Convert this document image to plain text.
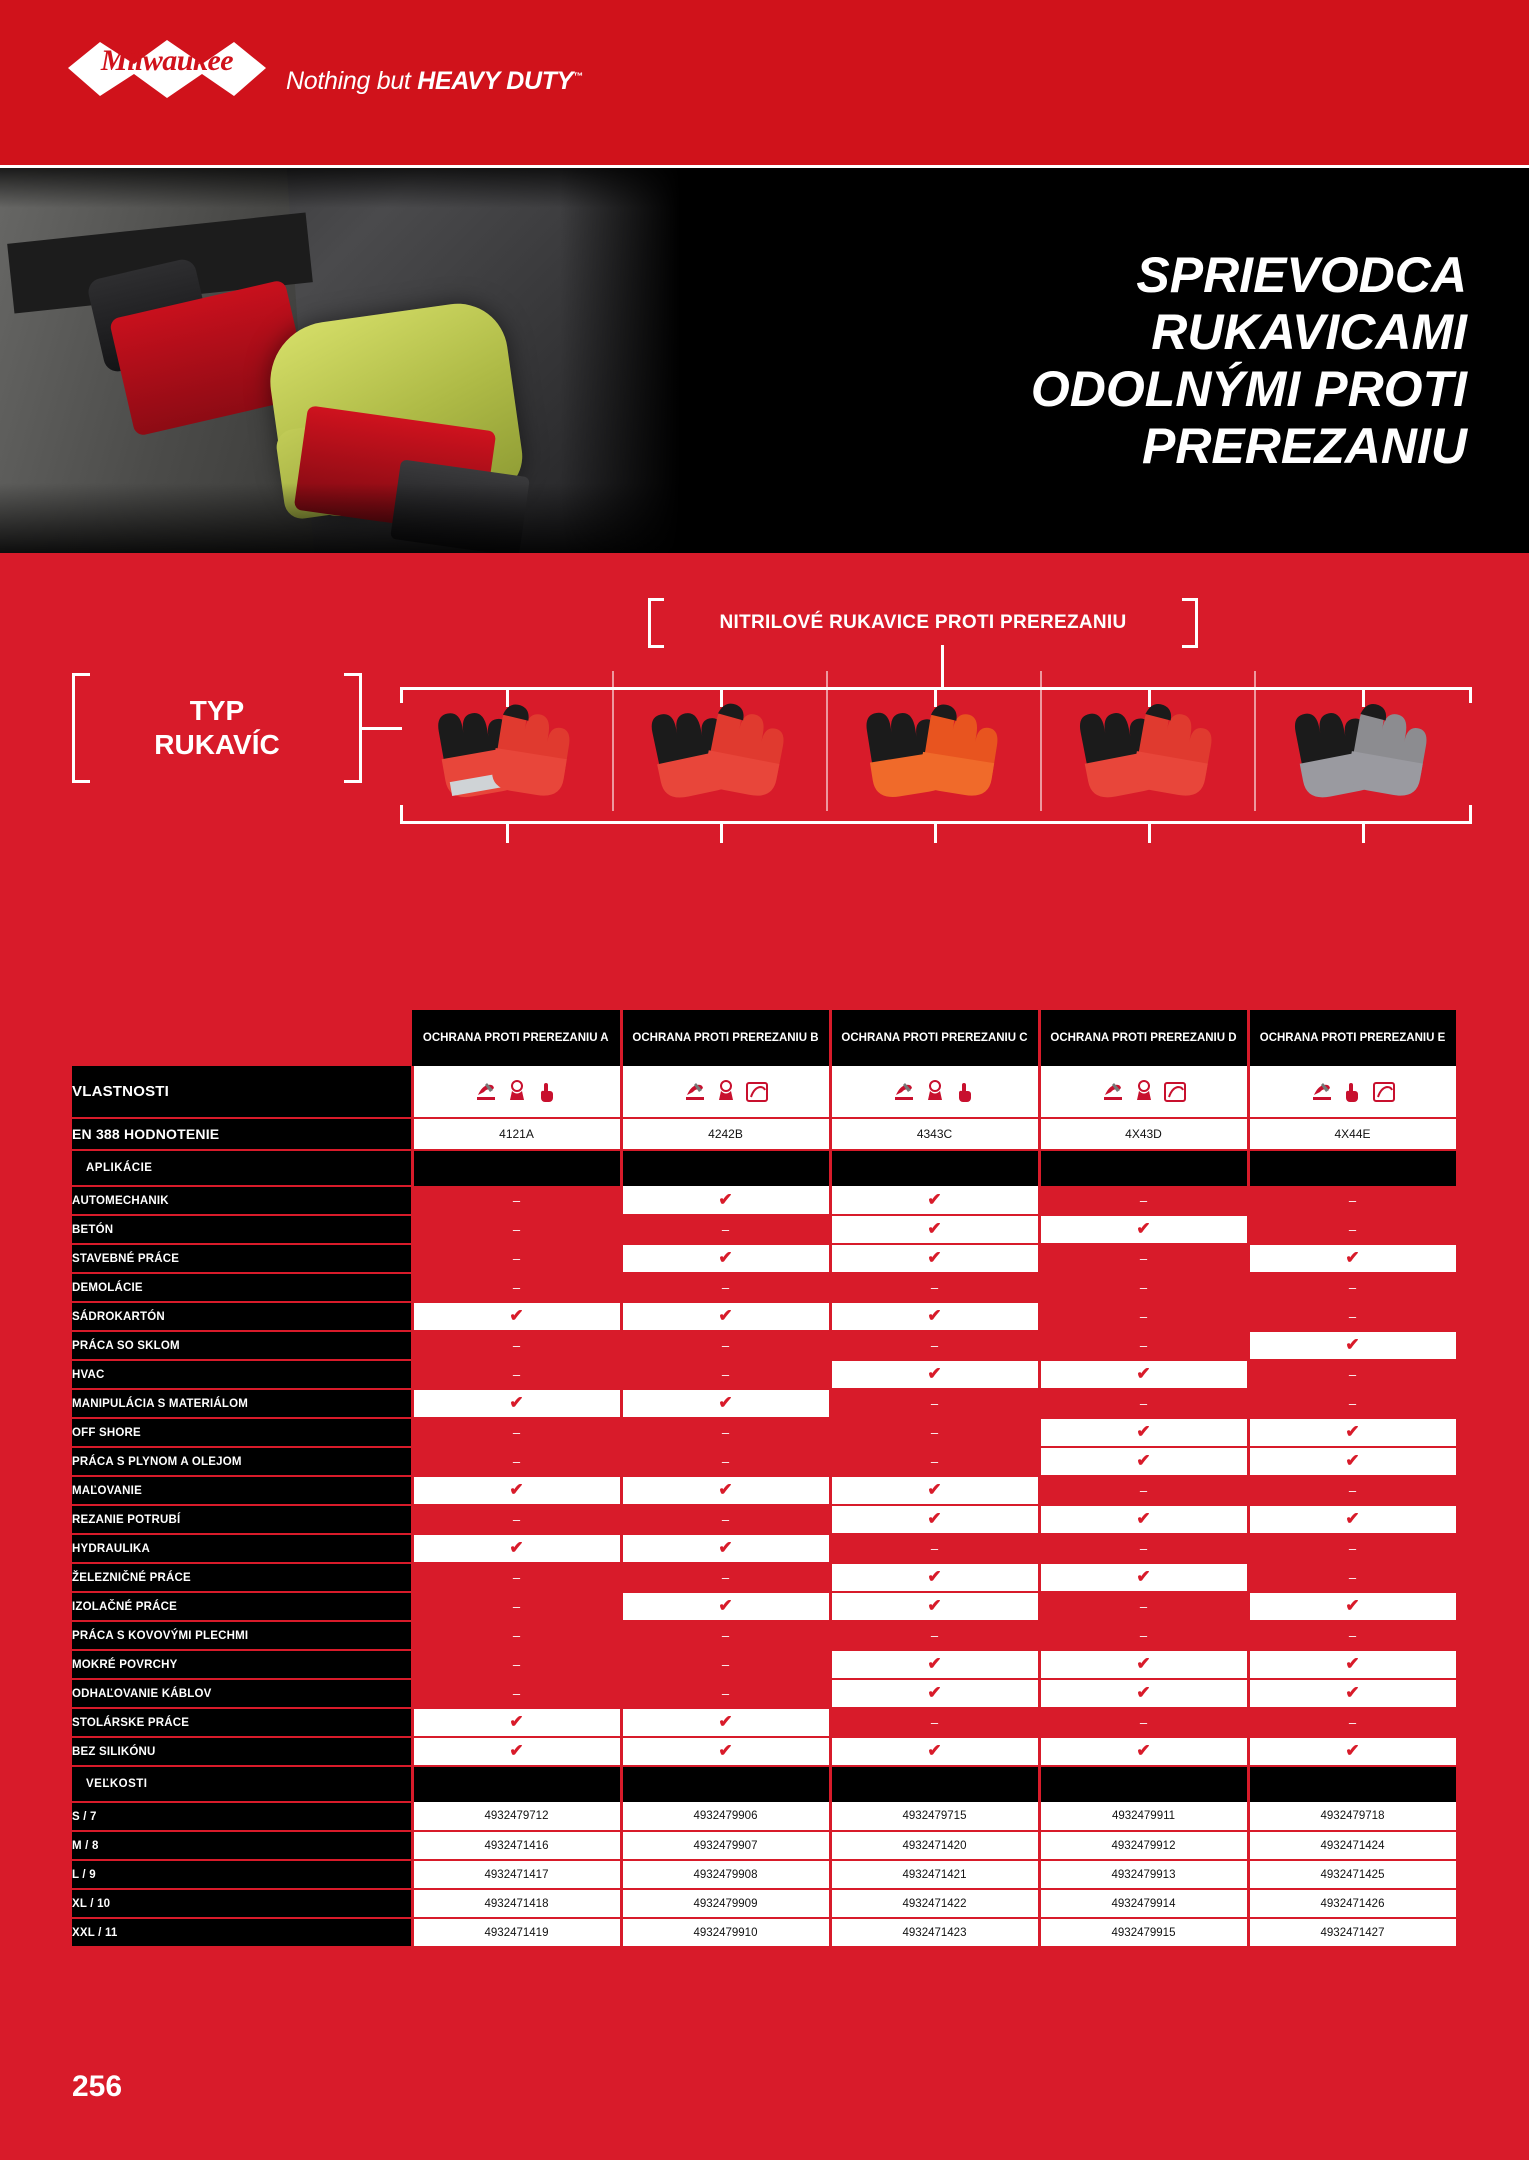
Milwaukee
Nothing but HEAVY DUTY™
SPRIEVODCA
RUKAVICAMI
ODOLNÝMI PROTI
PREREZANIU
NITRILOVÉ RUKAVICE PROTI PREREZANIU
TYP
RUKAVÍC
	OCHRANA PROTI PREREZANIU A	OCHRANA PROTI PREREZANIU B	OCHRANA PROTI PREREZANIU C	OCHRANA PROTI PREREZANIU D	OCHRANA PROTI PREREZANIU E
VLASTNOSTI	

EN 388 HODNOTENIE	4121A	4242B	4343C	4X43D	4X44E
APLIKÁCIE					
AUTOMECHANIK	–	✔	✔	–	–
BETÓN	–	–	✔	✔	–
STAVEBNÉ PRÁCE	–	✔	✔	–	✔
DEMOLÁCIE	–	–	–	–	–
SÁDROKARTÓN	✔	✔	✔	–	–
PRÁCA SO SKLOM	–	–	–	–	✔
HVAC	–	–	✔	✔	–
MANIPULÁCIA S MATERIÁLOM	✔	✔	–	–	–
OFF SHORE	–	–	–	✔	✔
PRÁCA S PLYNOM A OLEJOM	–	–	–	✔	✔
MAĽOVANIE	✔	✔	✔	–	–
REZANIE POTRUBÍ	–	–	✔	✔	✔
HYDRAULIKA	✔	✔	–	–	–
ŽELEZNIČNÉ PRÁCE	–	–	✔	✔	–
IZOLAČNÉ PRÁCE	–	✔	✔	–	✔
PRÁCA S KOVOVÝMI PLECHMI	–	–	–	–	–
MOKRÉ POVRCHY	–	–	✔	✔	✔
ODHAĽOVANIE KÁBLOV	–	–	✔	✔	✔
STOLÁRSKE PRÁCE	✔	✔	–	–	–
BEZ SILIKÓNU	✔	✔	✔	✔	✔
VEĽKOSTI					
S / 7	4932479712	4932479906	4932479715	4932479911	4932479718
M / 8	4932471416	4932479907	4932471420	4932479912	4932471424
L / 9	4932471417	4932479908	4932471421	4932479913	4932471425
XL / 10	4932471418	4932479909	4932471422	4932479914	4932471426
XXL / 11	4932471419	4932479910	4932471423	4932479915	4932471427
256
